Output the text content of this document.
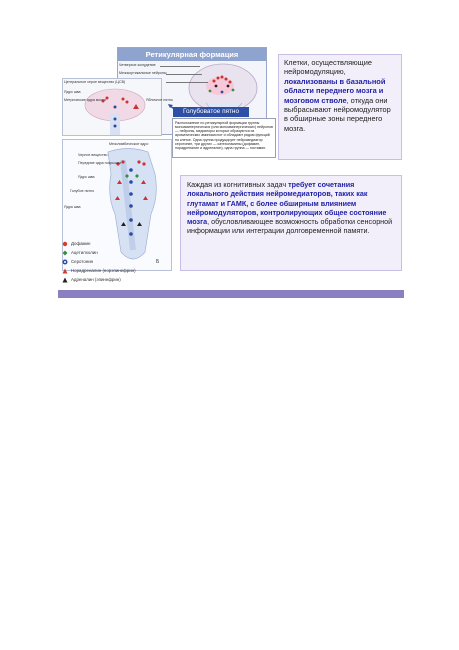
Ретикулярная формация
Четверхое жолудение
Мезокортикальные нейроны
Центральное серое вещество (ЦСВ)
Ядро шва
Метрические ядра моста	Яблочное пятно
Голубоватое пятно
Расположение по ретикулярной формации группы моноаминергических (или моноаминергических) нейронов — нейроны, медиаторы которых образуются из ароматических аминокислот и обладают рядом функций по клетке. Одна группа продуцирует нейромедиатор серотонин, три других — катехоламины (дофамин, норадреналин и адреналин), одна группа — гистамин.
Мезолимбическое ядро
Черное вещество
Передние ядра покрышки
Ядро шва
Голубое пятно
Ядра шва
Б
Дофамин
Ацетилхолин
Серотонин
Норадреналин (норэпинефрин)
Адреналин (эпинефрин)
Клетки, осуществляющие нейромодуляцию, локализованы в базальной области переднего мозга и мозговом стволе, откуда они выбрасывают нейромодулятор в обширные зоны переднего мозга.
Каждая из когнитивных задач требует сочетания локального действия нейромедиаторов, таких как глутамат и ГАМК, с более обширным влиянием нейромодуляторов, контролирующих общее состояние мозга, обусловливающее возможность обработки сенсорной информации или интеграции долговременной памяти.
